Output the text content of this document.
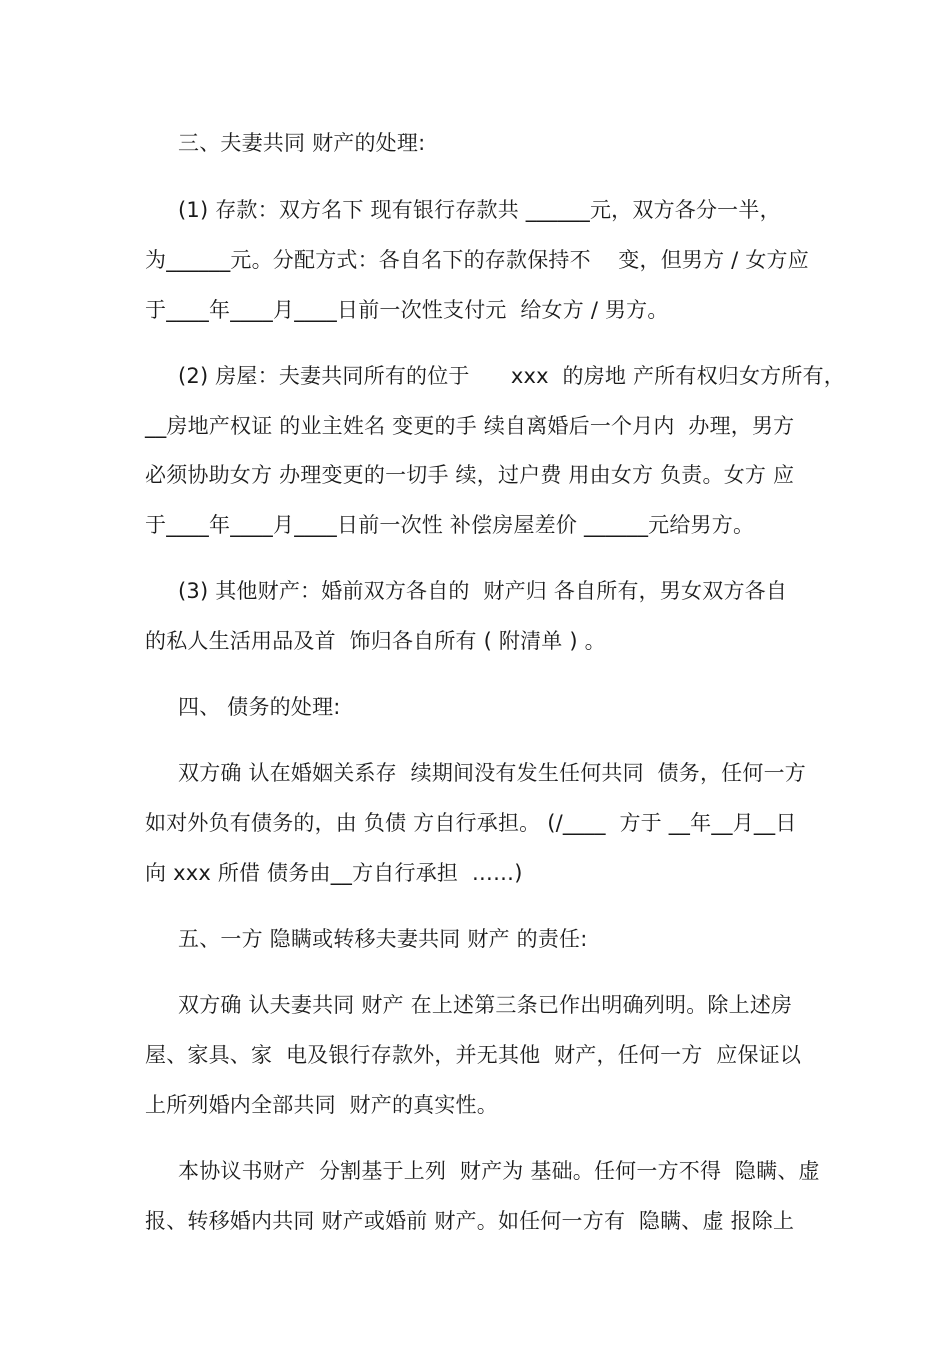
三、夫妻共同 财产的处理:
(1) 存款：双方名下 现有银行存款共 ______元，双方各分一半，
为______元。分配方式：各自名下的存款保持不    变，但男方 / 女方应
于____年____月____日前一次性支付元  给女方 / 男方。
(2) 房屋：夫妻共同所有的位于      xxx  的房地 产所有权归女方所有，
__房地产权证 的业主姓名 变更的手 续自离婚后一个月内  办理，男方
必须协助女方 办理变更的一切手 续，过户费 用由女方 负责。女方 应
于____年____月____日前一次性 补偿房屋差价 ______元给男方。
(3) 其他财产：婚前双方各自的  财产归 各自所有，男女双方各自
的私人生活用品及首  饰归各自所有 ( 附清单 ) 。
四、 债务的处理:
双方确 认在婚姻关系存  续期间没有发生任何共同  债务，任何一方
如对外负有债务的，由 负债 方自行承担。 (/____  方于 __年__月__日
向 xxx 所借 债务由__方自行承担  ……)
五、一方 隐瞒或转移夫妻共同 财产 的责任:
双方确 认夫妻共同 财产 在上述第三条已作出明确列明。除上述房
屋、家具、家  电及银行存款外，并无其他  财产，任何一方  应保证以
上所列婚内全部共同  财产的真实性。
本协议书财产  分割基于上列  财产为 基础。任何一方不得  隐瞒、虚
报、转移婚内共同 财产或婚前 财产。如任何一方有  隐瞒、虚 报除上
